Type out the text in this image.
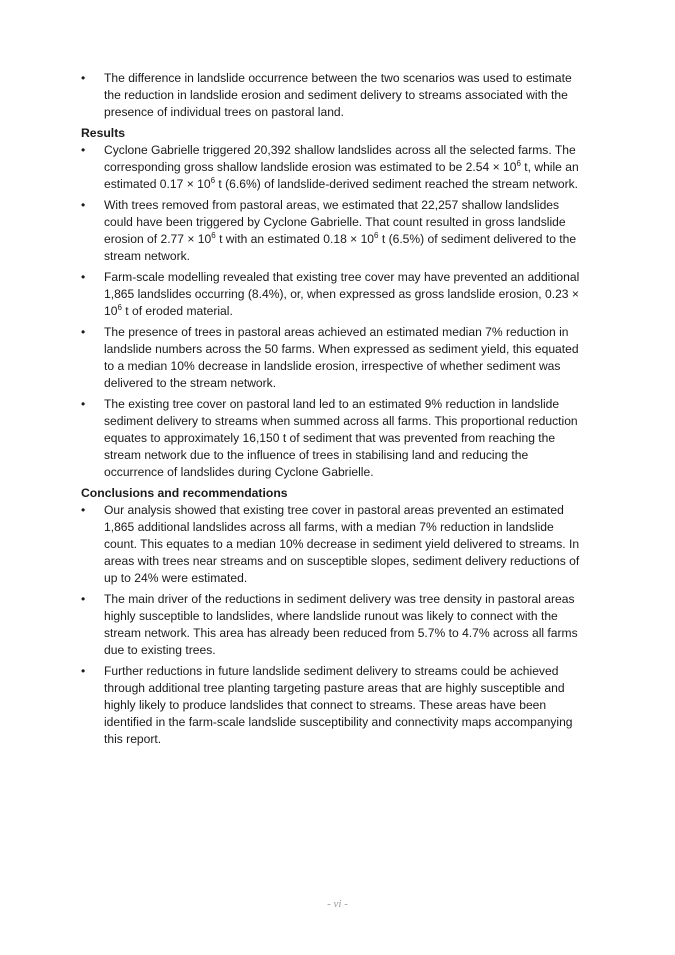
• The difference in landslide occurrence between the two scenarios was used to estimate the reduction in landslide erosion and sediment delivery to streams associated with the presence of individual trees on pastoral land.
Results
• Cyclone Gabrielle triggered 20,392 shallow landslides across all the selected farms. The corresponding gross shallow landslide erosion was estimated to be $2.54 \times 10^6$ t, while an estimated $0.17 \times 10^6$ t (6.6%) of landslide-derived sediment reached the stream network.
• With trees removed from pastoral areas, we estimated that 22,257 shallow landslides could have been triggered by Cyclone Gabrielle. That count resulted in gross landslide erosion of $2.77 \times 10^6$ t with an estimated $0.18 \times 10^6$ t (6.5%) of sediment delivered to the stream network.
• Farm-scale modelling revealed that existing tree cover may have prevented an additional 1,865 landslides occurring (8.4%), or, when expressed as gross landslide erosion, $0.23 \times 10^6$ t of eroded material.
• The presence of trees in pastoral areas achieved an estimated median 7% reduction in landslide numbers across the 50 farms. When expressed as sediment yield, this equated to a median 10% decrease in landslide erosion, irrespective of whether sediment was delivered to the stream network.
• The existing tree cover on pastoral land led to an estimated 9% reduction in landslide sediment delivery to streams when summed across all farms. This proportional reduction equates to approximately 16,150 t of sediment that was prevented from reaching the stream network due to the influence of trees in stabilising land and reducing the occurrence of landslides during Cyclone Gabrielle.
Conclusions and recommendations
• Our analysis showed that existing tree cover in pastoral areas prevented an estimated 1,865 additional landslides across all farms, with a median 7% reduction in landslide count. This equates to a median 10% decrease in sediment yield delivered to streams. In areas with trees near streams and on susceptible slopes, sediment delivery reductions of up to 24% were estimated.
• The main driver of the reductions in sediment delivery was tree density in pastoral areas highly susceptible to landslides, where landslide runout was likely to connect with the stream network. This area has already been reduced from 5.7% to 4.7% across all farms due to existing trees.
• Further reductions in future landslide sediment delivery to streams could be achieved through additional tree planting targeting pasture areas that are highly susceptible and highly likely to produce landslides that connect to streams. These areas have been identified in the farm-scale landslide susceptibility and connectivity maps accompanying this report.
- vi -
